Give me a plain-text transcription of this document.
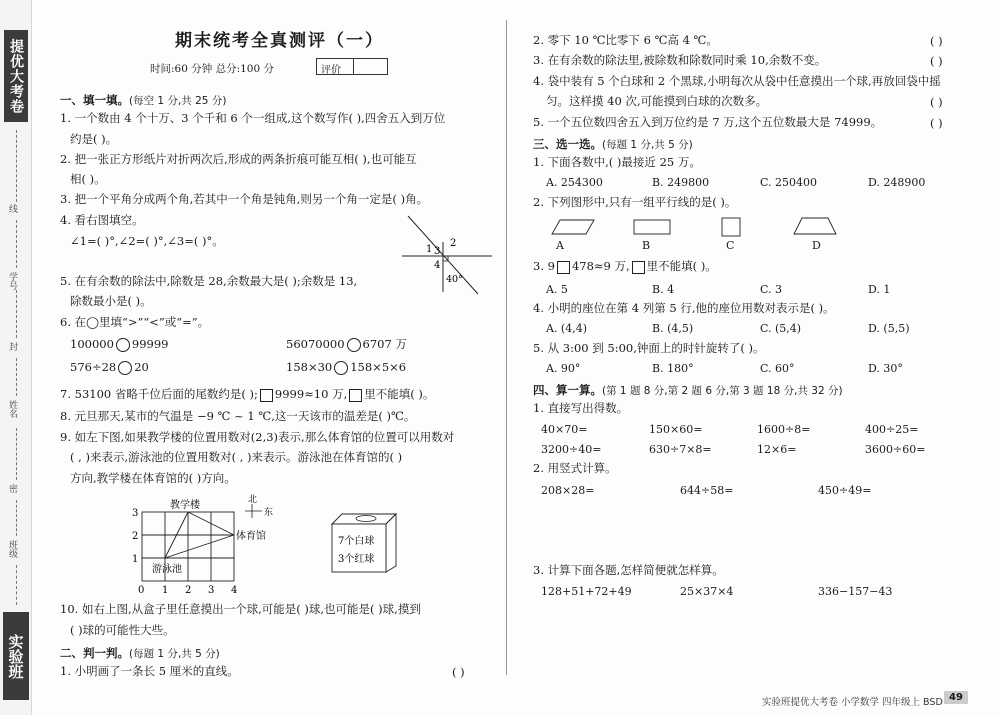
提优大考卷
线
学号
封
姓名
密
班级
实验班
期末统考全真测评（一）
时间:60 分钟 总分:100 分	评价
一、填一填。(每空 1 分,共 25 分)
1. 一个数由 4 个十万、3 个千和 6 个一组成,这个数写作( ),四舍五入到万位
约是( )。
2. 把一张正方形纸片对折两次后,形成的两条折痕可能互相( ),也可能互
相( )。
3. 把一个平角分成两个角,若其中一个角是钝角,则另一个角一定是( )角。
4. 看右图填空。
∠1=( )°,∠2=( )°,∠3=( )°。
3
2
1
4
40°
5. 在有余数的除法中,除数是 28,余数最大是( );余数是 13,
除数最小是( )。
6. 在◯里填“>”“<”或“=”。
100000 99999	56070000 6707 万
576÷28 20	158×30 158×5×6
7. 53100 省略千位后面的尾数约是( ); 9999≈10 万, 里不能填( )。
8. 元旦那天,某市的气温是 −9 ℃ ~ 1 ℃,这一天该市的温差是( )℃。
9. 如左下图,如果教学楼的位置用数对(2,3)表示,那么体育馆的位置可以用数对
( , )来表示,游泳池的位置用数对( , )来表示。游泳池在体育馆的( )
方向,教学楼在体育馆的( )方向。
3
2
1
0 1 2 3 4
教学楼
体育馆
游泳池
北
东
7个白球
3个红球
10. 如右上图,从盒子里任意摸出一个球,可能是( )球,也可能是( )球,摸到
( )球的可能性大些。
二、判一判。(每题 1 分,共 5 分)
1. 小明画了一条长 5 厘米的直线。	( )
2. 零下 10 ℃比零下 6 ℃高 4 ℃。	( )
3. 在有余数的除法里,被除数和除数同时乘 10,余数不变。	( )
4. 袋中装有 5 个白球和 2 个黑球,小明每次从袋中任意摸出一个球,再放回袋中摇
匀。这样摸 40 次,可能摸到白球的次数多。	( )
5. 一个五位数四舍五入到万位约是 7 万,这个五位数最大是 74999。	( )
三、选一选。(每题 1 分,共 5 分)
1. 下面各数中,( )最接近 25 万。
A. 254300	B. 249800	C. 250400	D. 248900
2. 下列图形中,只有一组平行线的是( )。
A	B	C	D
3. 9 478≈9 万, 里不能填( )。
A. 5	B. 4	C. 3	D. 1
4. 小明的座位在第 4 列第 5 行,他的座位用数对表示是( )。
A. (4,4)	B. (4,5)	C. (5,4)	D. (5,5)
5. 从 3:00 到 5:00,钟面上的时针旋转了( )。
A. 90°	B. 180°	C. 60°	D. 30°
四、算一算。(第 1 题 8 分,第 2 题 6 分,第 3 题 18 分,共 32 分)
1. 直接写出得数。
40×70=	150×60=	1600÷8=	400÷25=
3200÷40=	630÷7×8=	12×6=	3600÷60=
2. 用竖式计算。
208×28=	644÷58=	450÷49=
3. 计算下面各题,怎样简便就怎样算。
128+51+72+49	25×37×4	336−157−43
实验班提优大考卷 小学数学 四年级上 BSD 49
